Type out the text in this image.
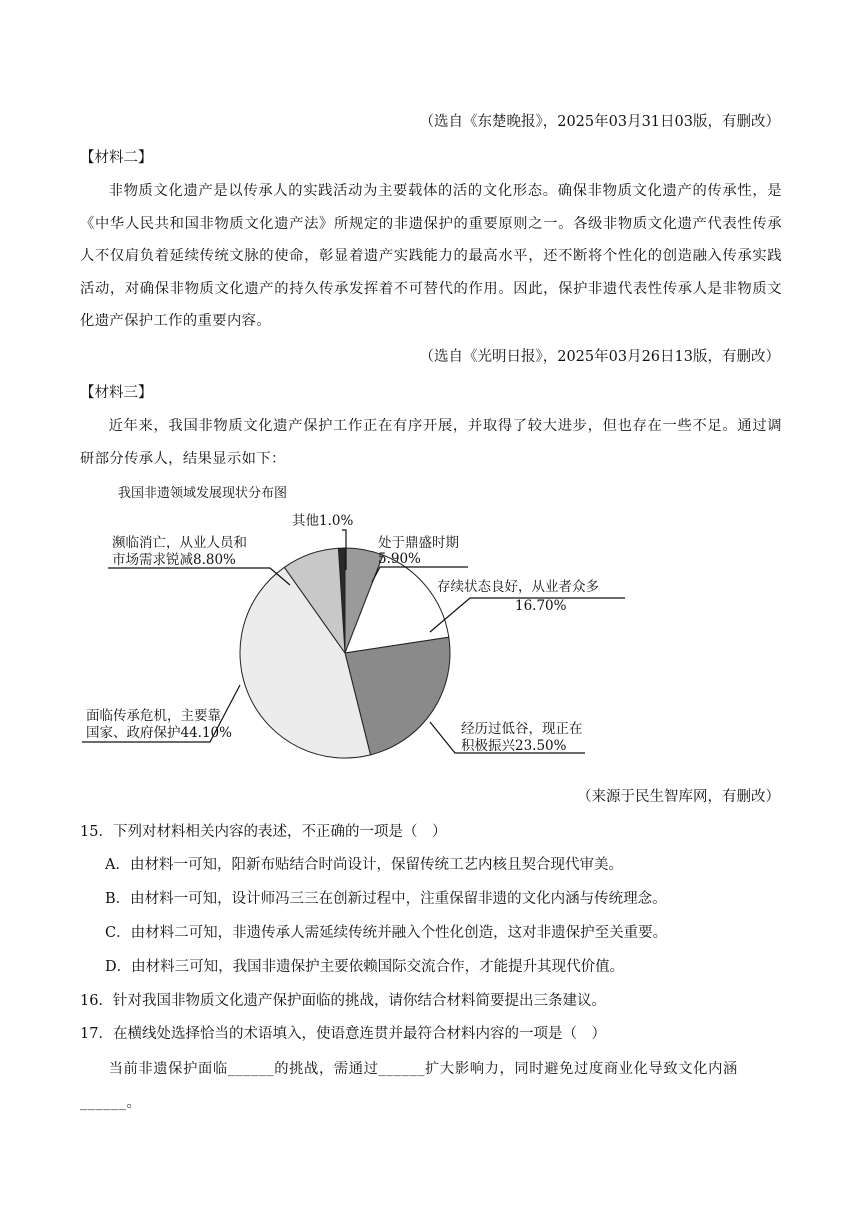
（选自《东楚晚报》，2025年03月31日03版，有删改）
【材料二】

非物质文化遗产是以传承人的实践活动为主要载体的活的文化形态。确保非物质文化遗产的传承性，是《中华人民共和国非物质文化遗产法》所规定的非遗保护的重要原则之一。各级非物质文化遗产代表性传承人不仅肩负着延续传统文脉的使命，彰显着遗产实践能力的最高水平，还不断将个性化的创造融入传承实践活动，对确保非物质文化遗产的持久传承发挥着不可替代的作用。因此，保护非遗代表性传承人是非物质文化遗产保护工作的重要内容。

（选自《光明日报》，2025年03月26日13版，有删改）
【材料三】

近年来，我国非物质文化遗产保护工作正在有序开展，并取得了较大进步，但也存在一些不足。通过调研部分传承人，结果显示如下：

我国非遗领域发展现状分布图
其他1.0%
处于鼎盛时期
5.90%
存续状态良好，从业者众多
16.70%
经历过低谷，现正在
积极振兴23.50%
面临传承危机，主要靠
国家、政府保护44.10%
濒临消亡，从业人员和
市场需求锐减8.80%
（来源于民生智库网，有删改）
15．下列对材料相关内容的表述，不正确的一项是（　）
A．由材料一可知，阳新布贴结合时尚设计，保留传统工艺内核且契合现代审美。
B．由材料一可知，设计师冯三三在创新过程中，注重保留非遗的文化内涵与传统理念。
C．由材料二可知，非遗传承人需延续传统并融入个性化创造，这对非遗保护至关重要。
D．由材料三可知，我国非遗保护主要依赖国际交流合作，才能提升其现代价值。
16．针对我国非物质文化遗产保护面临的挑战，请你结合材料简要提出三条建议。
17．在横线处选择恰当的术语填入，使语意连贯并最符合材料内容的一项是（　）

当前非遗保护面临______的挑战，需通过______扩大影响力，同时避免过度商业化导致文化内涵______。
